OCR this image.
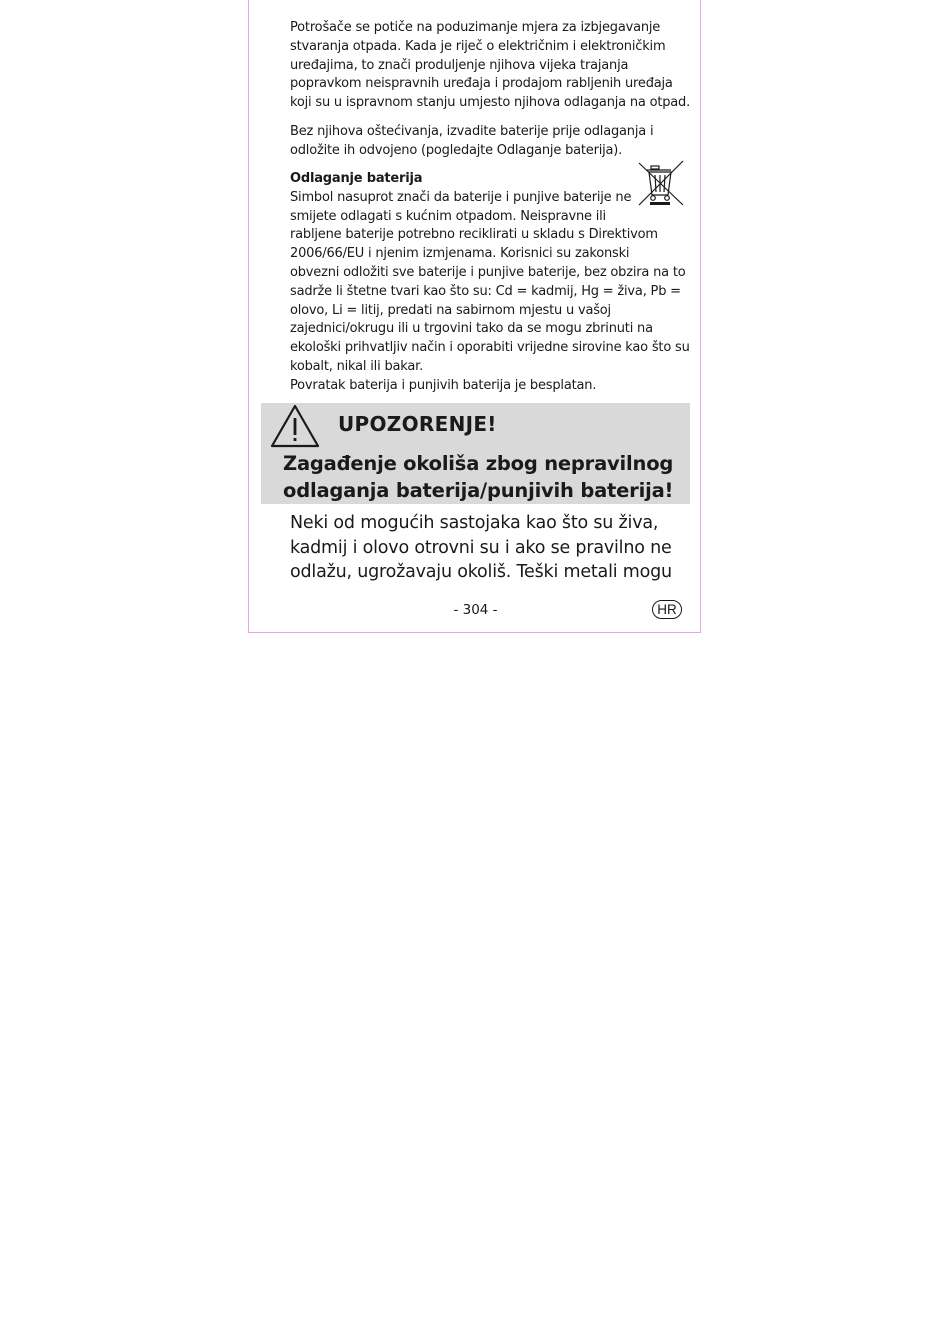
Potrošače se potiče na poduzimanje mjera za izbjegavanje
stvaranja otpada. Kada je riječ o električnim i elektroničkim
uređajima, to znači produljenje njihova vijeka trajanja
popravkom neispravnih uređaja i prodajom rabljenih uređaja
koji su u ispravnom stanju umjesto njihova odlaganja na otpad.

Bez njihova oštećivanja, izvadite baterije prije odlaganja i
odložite ih odvojeno (pogledajte Odlaganje baterija).

Odlaganje baterija
Simbol nasuprot znači da baterije i punjive baterije ne
smijete odlagati s kućnim otpadom. Neispravne ili
rabljene baterije potrebno reciklirati u skladu s Direktivom
2006/66/EU i njenim izmjenama. Korisnici su zakonski
obvezni odložiti sve baterije i punjive baterije, bez obzira na to
sadrže li štetne tvari kao što su: Cd = kadmij, Hg = živa, Pb =
olovo, Li = litij, predati na sabirnom mjestu u vašoj
zajednici/okrugu ili u trgovini tako da se mogu zbrinuti na
ekološki prihvatljiv način i oporabiti vrijedne sirovine kao što su
kobalt, nikal ili bakar.
Povratak baterija i punjivih baterija je besplatan.
UPOZORENJE!
Zagađenje okoliša zbog nepravilnog
odlaganja baterija/punjivih baterija!

Neki od mogućih sastojaka kao što su živa,
kadmij i olovo otrovni su i ako se pravilno ne
odlažu, ugrožavaju okoliš. Teški metali mogu

- 304 -	HR
